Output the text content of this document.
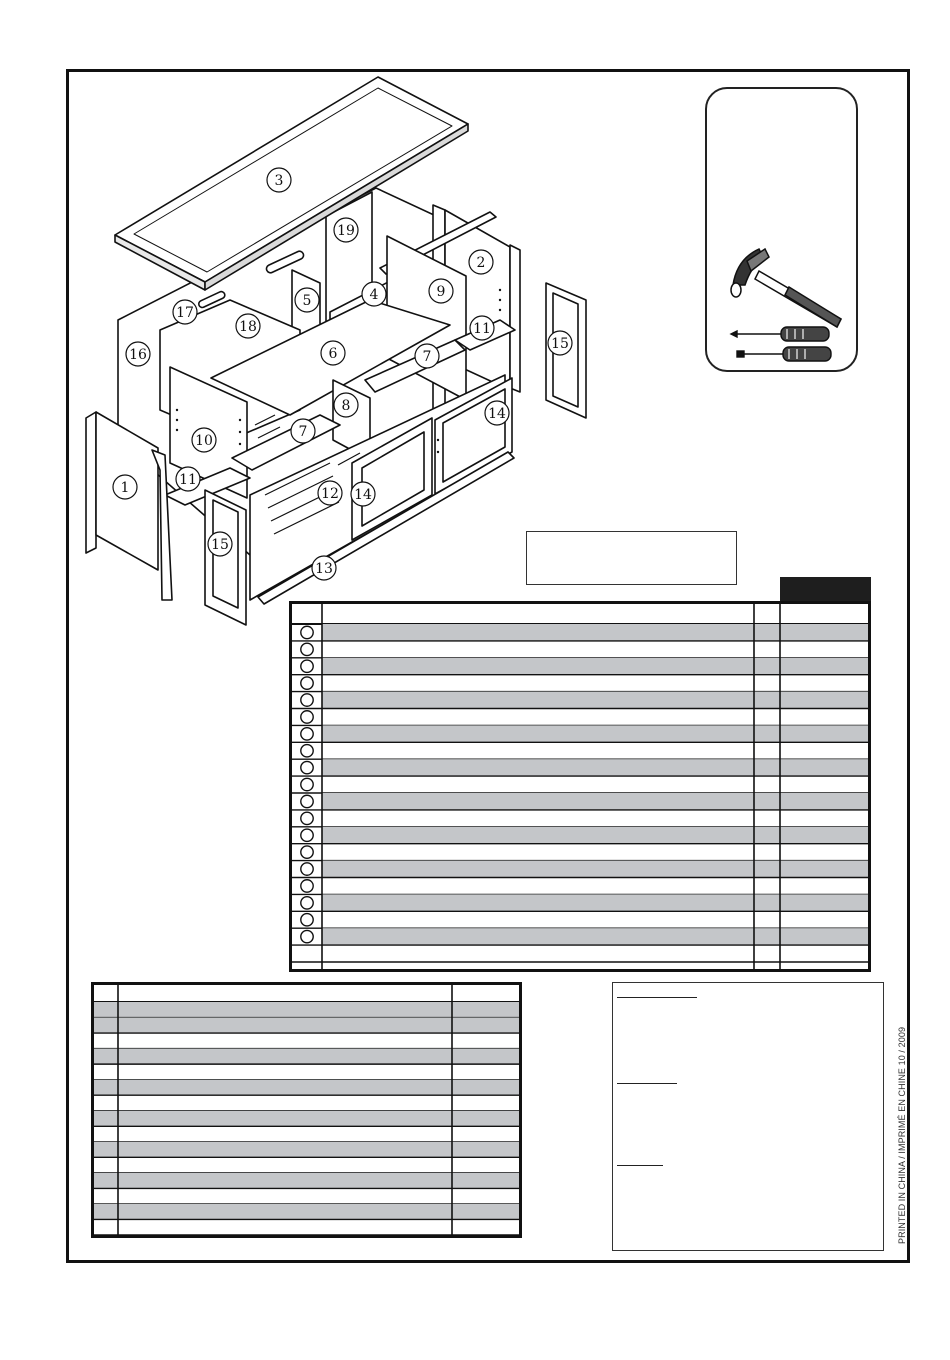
1
2
3
4
5
6	7
7
8
9
10
11
11
12
13
14
14
15
15
16
17
18
19
PRINTED IN CHINA / IMPRIMÉ EN CHINE 10 / 2009
